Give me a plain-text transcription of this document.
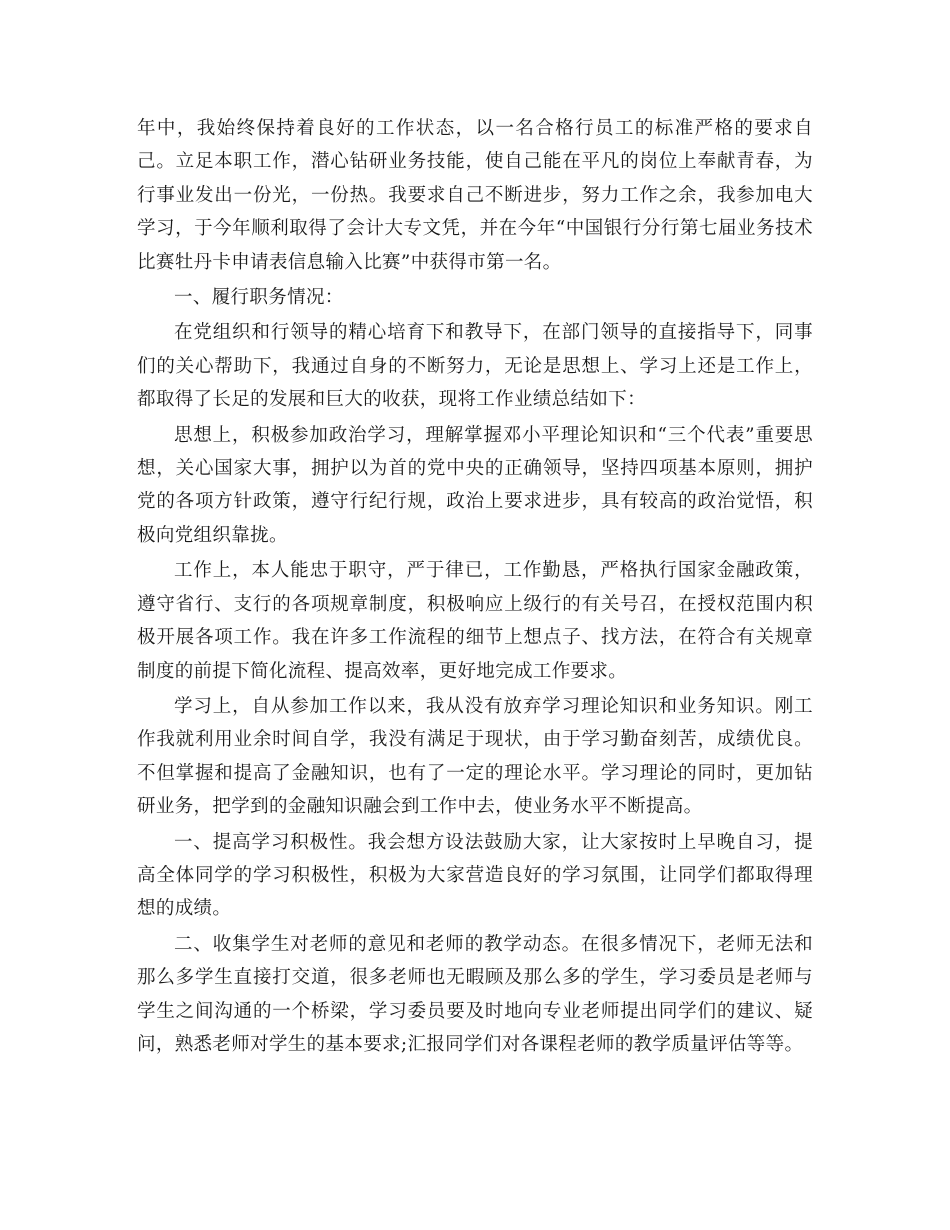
年中，我始终保持着良好的工作状态，以一名合格行员工的标准严格的要求自己。立足本职工作，潜心钻研业务技能，使自己能在平凡的岗位上奉献青春，为行事业发出一份光，一份热。我要求自己不断进步，努力工作之余，我参加电大学习，于今年顺利取得了会计大专文凭，并在今年“中国银行分行第七届业务技术比赛牡丹卡申请表信息输入比赛”中获得市第一名。

一、履行职务情况：

在党组织和行领导的精心培育下和教导下，在部门领导的直接指导下，同事们的关心帮助下，我通过自身的不断努力，无论是思想上、学习上还是工作上，都取得了长足的发展和巨大的收获，现将工作业绩总结如下：

思想上，积极参加政治学习，理解掌握邓小平理论知识和“三个代表”重要思想，关心国家大事，拥护以为首的党中央的正确领导，坚持四项基本原则，拥护党的各项方针政策，遵守行纪行规，政治上要求进步，具有较高的政治觉悟，积极向党组织靠拢。

工作上，本人能忠于职守，严于律已，工作勤恳，严格执行国家金融政策，遵守省行、支行的各项规章制度，积极响应上级行的有关号召，在授权范围内积极开展各项工作。我在许多工作流程的细节上想点子、找方法，在符合有关规章制度的前提下简化流程、提高效率，更好地完成工作要求。

学习上，自从参加工作以来，我从没有放弃学习理论知识和业务知识。刚工作我就利用业余时间自学，我没有满足于现状，由于学习勤奋刻苦，成绩优良。不但掌握和提高了金融知识，也有了一定的理论水平。学习理论的同时，更加钻研业务，把学到的金融知识融会到工作中去，使业务水平不断提高。

一、提高学习积极性。我会想方设法鼓励大家，让大家按时上早晚自习，提高全体同学的学习积极性，积极为大家营造良好的学习氛围，让同学们都取得理想的成绩。

二、收集学生对老师的意见和老师的教学动态。在很多情况下，老师无法和那么多学生直接打交道，很多老师也无暇顾及那么多的学生，学习委员是老师与学生之间沟通的一个桥梁，学习委员要及时地向专业老师提出同学们的建议、疑问，熟悉老师对学生的基本要求;汇报同学们对各课程老师的教学质量评估等等。
